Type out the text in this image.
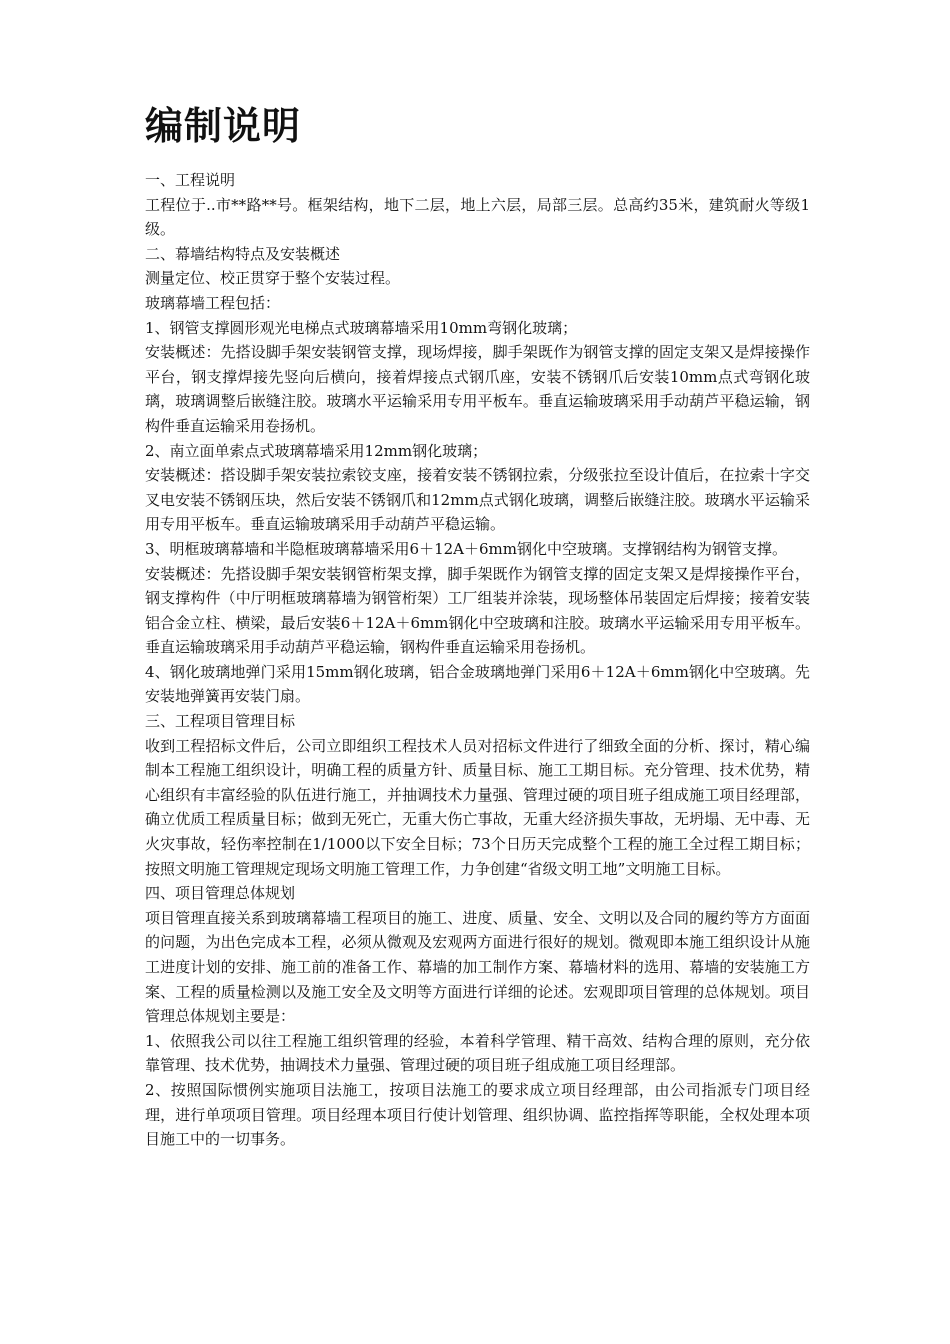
编制说明

一、工程说明

工程位于..市**路**号。框架结构，地下二层，地上六层，局部三层。总高约35米，建筑耐火等级1级。

二、幕墙结构特点及安装概述

测量定位、校正贯穿于整个安装过程。

玻璃幕墙工程包括：

1、钢管支撑圆形观光电梯点式玻璃幕墙采用10mm弯钢化玻璃；

安装概述：先搭设脚手架安装钢管支撑，现场焊接，脚手架既作为钢管支撑的固定支架又是焊接操作平台，钢支撑焊接先竖向后横向，接着焊接点式钢爪座，安装不锈钢爪后安装10mm点式弯钢化玻璃，玻璃调整后嵌缝注胶。玻璃水平运输采用专用平板车。垂直运输玻璃采用手动葫芦平稳运输，钢构件垂直运输采用卷扬机。

2、南立面单索点式玻璃幕墙采用12mm钢化玻璃；

安装概述：搭设脚手架安装拉索铰支座，接着安装不锈钢拉索，分级张拉至设计值后，在拉索十字交叉电安装不锈钢压块，然后安装不锈钢爪和12mm点式钢化玻璃，调整后嵌缝注胶。玻璃水平运输采用专用平板车。垂直运输玻璃采用手动葫芦平稳运输。

3、明框玻璃幕墙和半隐框玻璃幕墙采用6＋12A＋6mm钢化中空玻璃。支撑钢结构为钢管支撑。

安装概述：先搭设脚手架安装钢管桁架支撑，脚手架既作为钢管支撑的固定支架又是焊接操作平台，钢支撑构件（中厅明框玻璃幕墙为钢管桁架）工厂组装并涂装，现场整体吊装固定后焊接；接着安装铝合金立柱、横梁，最后安装6＋12A＋6mm钢化中空玻璃和注胶。玻璃水平运输采用专用平板车。垂直运输玻璃采用手动葫芦平稳运输，钢构件垂直运输采用卷扬机。

4、钢化玻璃地弹门采用15mm钢化玻璃，铝合金玻璃地弹门采用6＋12A＋6mm钢化中空玻璃。先安装地弹簧再安装门扇。

三、工程项目管理目标

收到工程招标文件后，公司立即组织工程技术人员对招标文件进行了细致全面的分析、探讨，精心编制本工程施工组织设计，明确工程的质量方针、质量目标、施工工期目标。充分管理、技术优势，精心组织有丰富经验的队伍进行施工，并抽调技术力量强、管理过硬的项目班子组成施工项目经理部，确立优质工程质量目标；做到无死亡，无重大伤亡事故，无重大经济损失事故，无坍塌、无中毒、无火灾事故，轻伤率控制在1/1000以下安全目标；73个日历天完成整个工程的施工全过程工期目标；按照文明施工管理规定现场文明施工管理工作，力争创建“省级文明工地”文明施工目标。

四、项目管理总体规划

项目管理直接关系到玻璃幕墙工程项目的施工、进度、质量、安全、文明以及合同的履约等方方面面的问题，为出色完成本工程，必须从微观及宏观两方面进行很好的规划。微观即本施工组织设计从施工进度计划的安排、施工前的准备工作、幕墙的加工制作方案、幕墙材料的选用、幕墙的安装施工方案、工程的质量检测以及施工安全及文明等方面进行详细的论述。宏观即项目管理的总体规划。项目管理总体规划主要是：

1、依照我公司以往工程施工组织管理的经验，本着科学管理、精干高效、结构合理的原则，充分依靠管理、技术优势，抽调技术力量强、管理过硬的项目班子组成施工项目经理部。

2、按照国际惯例实施项目法施工，按项目法施工的要求成立项目经理部，由公司指派专门项目经理，进行单项项目管理。项目经理本项目行使计划管理、组织协调、监控指挥等职能，全权处理本项目施工中的一切事务。
